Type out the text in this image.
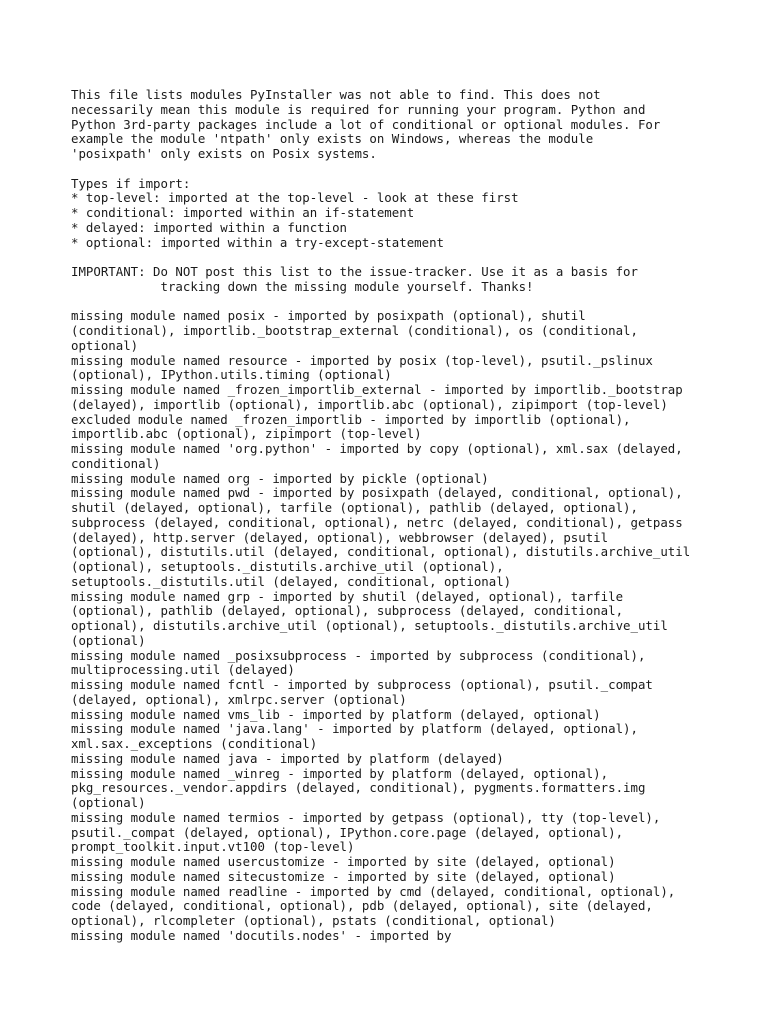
This file lists modules PyInstaller was not able to find. This does not
necessarily mean this module is required for running your program. Python and
Python 3rd-party packages include a lot of conditional or optional modules. For
example the module 'ntpath' only exists on Windows, whereas the module
'posixpath' only exists on Posix systems.
Types if import:
* top-level: imported at the top-level - look at these first
* conditional: imported within an if-statement
* delayed: imported within a function
* optional: imported within a try-except-statement
IMPORTANT: Do NOT post this list to the issue-tracker. Use it as a basis for
tracking down the missing module yourself. Thanks!
missing module named posix - imported by posixpath (optional), shutil
(conditional), importlib._bootstrap_external (conditional), os (conditional,
optional)
missing module named resource - imported by posix (top-level), psutil._pslinux
(optional), IPython.utils.timing (optional)
missing module named _frozen_importlib_external - imported by importlib._bootstrap
(delayed), importlib (optional), importlib.abc (optional), zipimport (top-level)
excluded module named _frozen_importlib - imported by importlib (optional),
importlib.abc (optional), zipimport (top-level)
missing module named 'org.python' - imported by copy (optional), xml.sax (delayed,
conditional)
missing module named org - imported by pickle (optional)
missing module named pwd - imported by posixpath (delayed, conditional, optional),
shutil (delayed, optional), tarfile (optional), pathlib (delayed, optional),
subprocess (delayed, conditional, optional), netrc (delayed, conditional), getpass
(delayed), http.server (delayed, optional), webbrowser (delayed), psutil
(optional), distutils.util (delayed, conditional, optional), distutils.archive_util
(optional), setuptools._distutils.archive_util (optional),
setuptools._distutils.util (delayed, conditional, optional)
missing module named grp - imported by shutil (delayed, optional), tarfile
(optional), pathlib (delayed, optional), subprocess (delayed, conditional,
optional), distutils.archive_util (optional), setuptools._distutils.archive_util
(optional)
missing module named _posixsubprocess - imported by subprocess (conditional),
multiprocessing.util (delayed)
missing module named fcntl - imported by subprocess (optional), psutil._compat
(delayed, optional), xmlrpc.server (optional)
missing module named vms_lib - imported by platform (delayed, optional)
missing module named 'java.lang' - imported by platform (delayed, optional),
xml.sax._exceptions (conditional)
missing module named java - imported by platform (delayed)
missing module named _winreg - imported by platform (delayed, optional),
pkg_resources._vendor.appdirs (delayed, conditional), pygments.formatters.img
(optional)
missing module named termios - imported by getpass (optional), tty (top-level),
psutil._compat (delayed, optional), IPython.core.page (delayed, optional),
prompt_toolkit.input.vt100 (top-level)
missing module named usercustomize - imported by site (delayed, optional)
missing module named sitecustomize - imported by site (delayed, optional)
missing module named readline - imported by cmd (delayed, conditional, optional),
code (delayed, conditional, optional), pdb (delayed, optional), site (delayed,
optional), rlcompleter (optional), pstats (conditional, optional)
missing module named 'docutils.nodes' - imported by
